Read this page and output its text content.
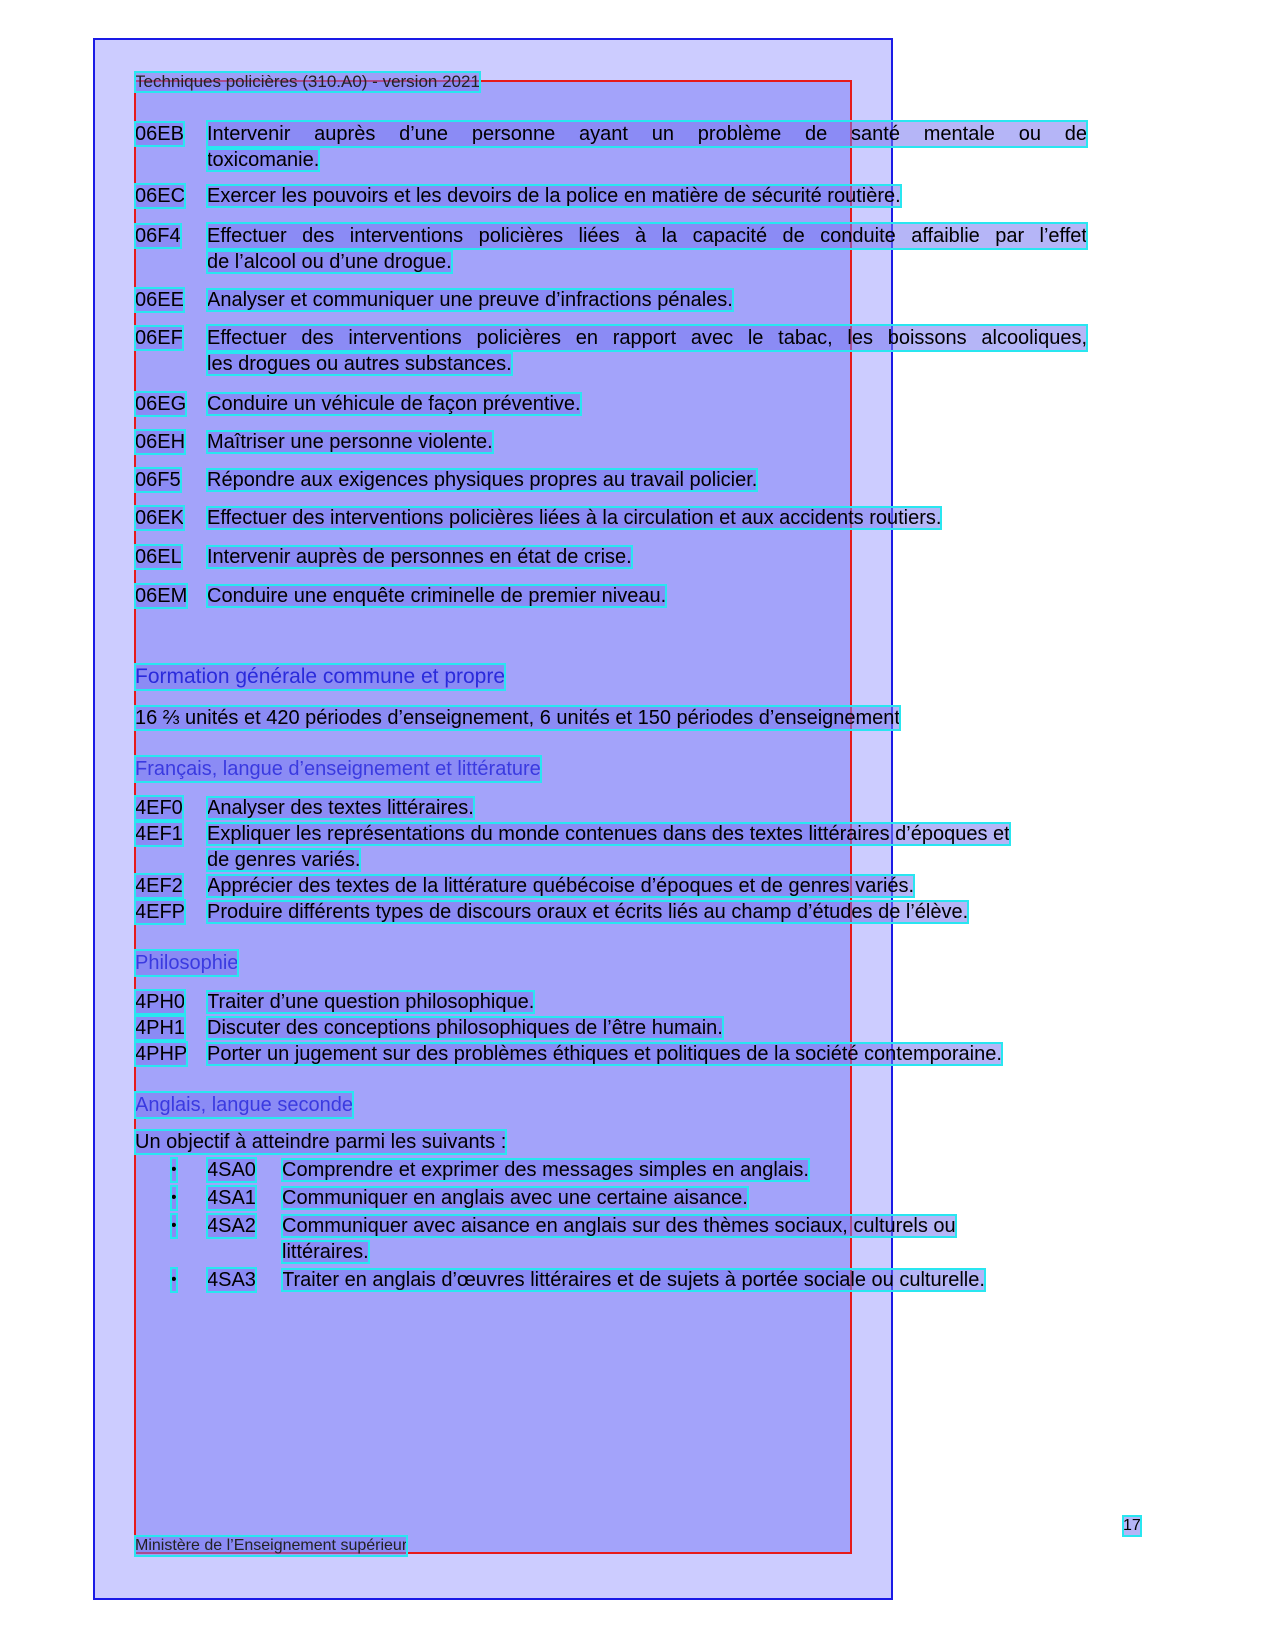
Techniques policières (310.A0) - version 2021
06EB Intervenir auprès d’une personne ayant un problème de santé mentale ou de
toxicomanie.
06EC Exercer les pouvoirs et les devoirs de la police en matière de sécurité routière.
06F4 Effectuer des interventions policières liées à la capacité de conduite affaiblie par l’effet
de l’alcool ou d’une drogue.
06EE Analyser et communiquer une preuve d’infractions pénales.
06EF Effectuer des interventions policières en rapport avec le tabac, les boissons alcooliques,
les drogues ou autres substances.
06EG Conduire un véhicule de façon préventive.
06EH Maîtriser une personne violente.
06F5 Répondre aux exigences physiques propres au travail policier.
06EK Effectuer des interventions policières liées à la circulation et aux accidents routiers.
06EL Intervenir auprès de personnes en état de crise.
06EM Conduire une enquête criminelle de premier niveau.
Formation générale commune et propre
16 ⅔ unités et 420 périodes d’enseignement, 6 unités et 150 périodes d’enseignement
Français, langue d’enseignement et littérature
4EF0 Analyser des textes littéraires.
4EF1 Expliquer les représentations du monde contenues dans des textes littéraires d’époques et
de genres variés.
4EF2 Apprécier des textes de la littérature québécoise d’époques et de genres variés.
4EFP Produire différents types de discours oraux et écrits liés au champ d’études de l’élève.
Philosophie
4PH0 Traiter d’une question philosophique.
4PH1 Discuter des conceptions philosophiques de l’être humain.
4PHP Porter un jugement sur des problèmes éthiques et politiques de la société contemporaine.
Anglais, langue seconde
Un objectif à atteindre parmi les suivants :
• 4SA0 Comprendre et exprimer des messages simples en anglais.
• 4SA1 Communiquer en anglais avec une certaine aisance.
• 4SA2 Communiquer avec aisance en anglais sur des thèmes sociaux, culturels ou
littéraires.
• 4SA3 Traiter en anglais d’œuvres littéraires et de sujets à portée sociale ou culturelle.
17
Ministère de l’Enseignement supérieur
